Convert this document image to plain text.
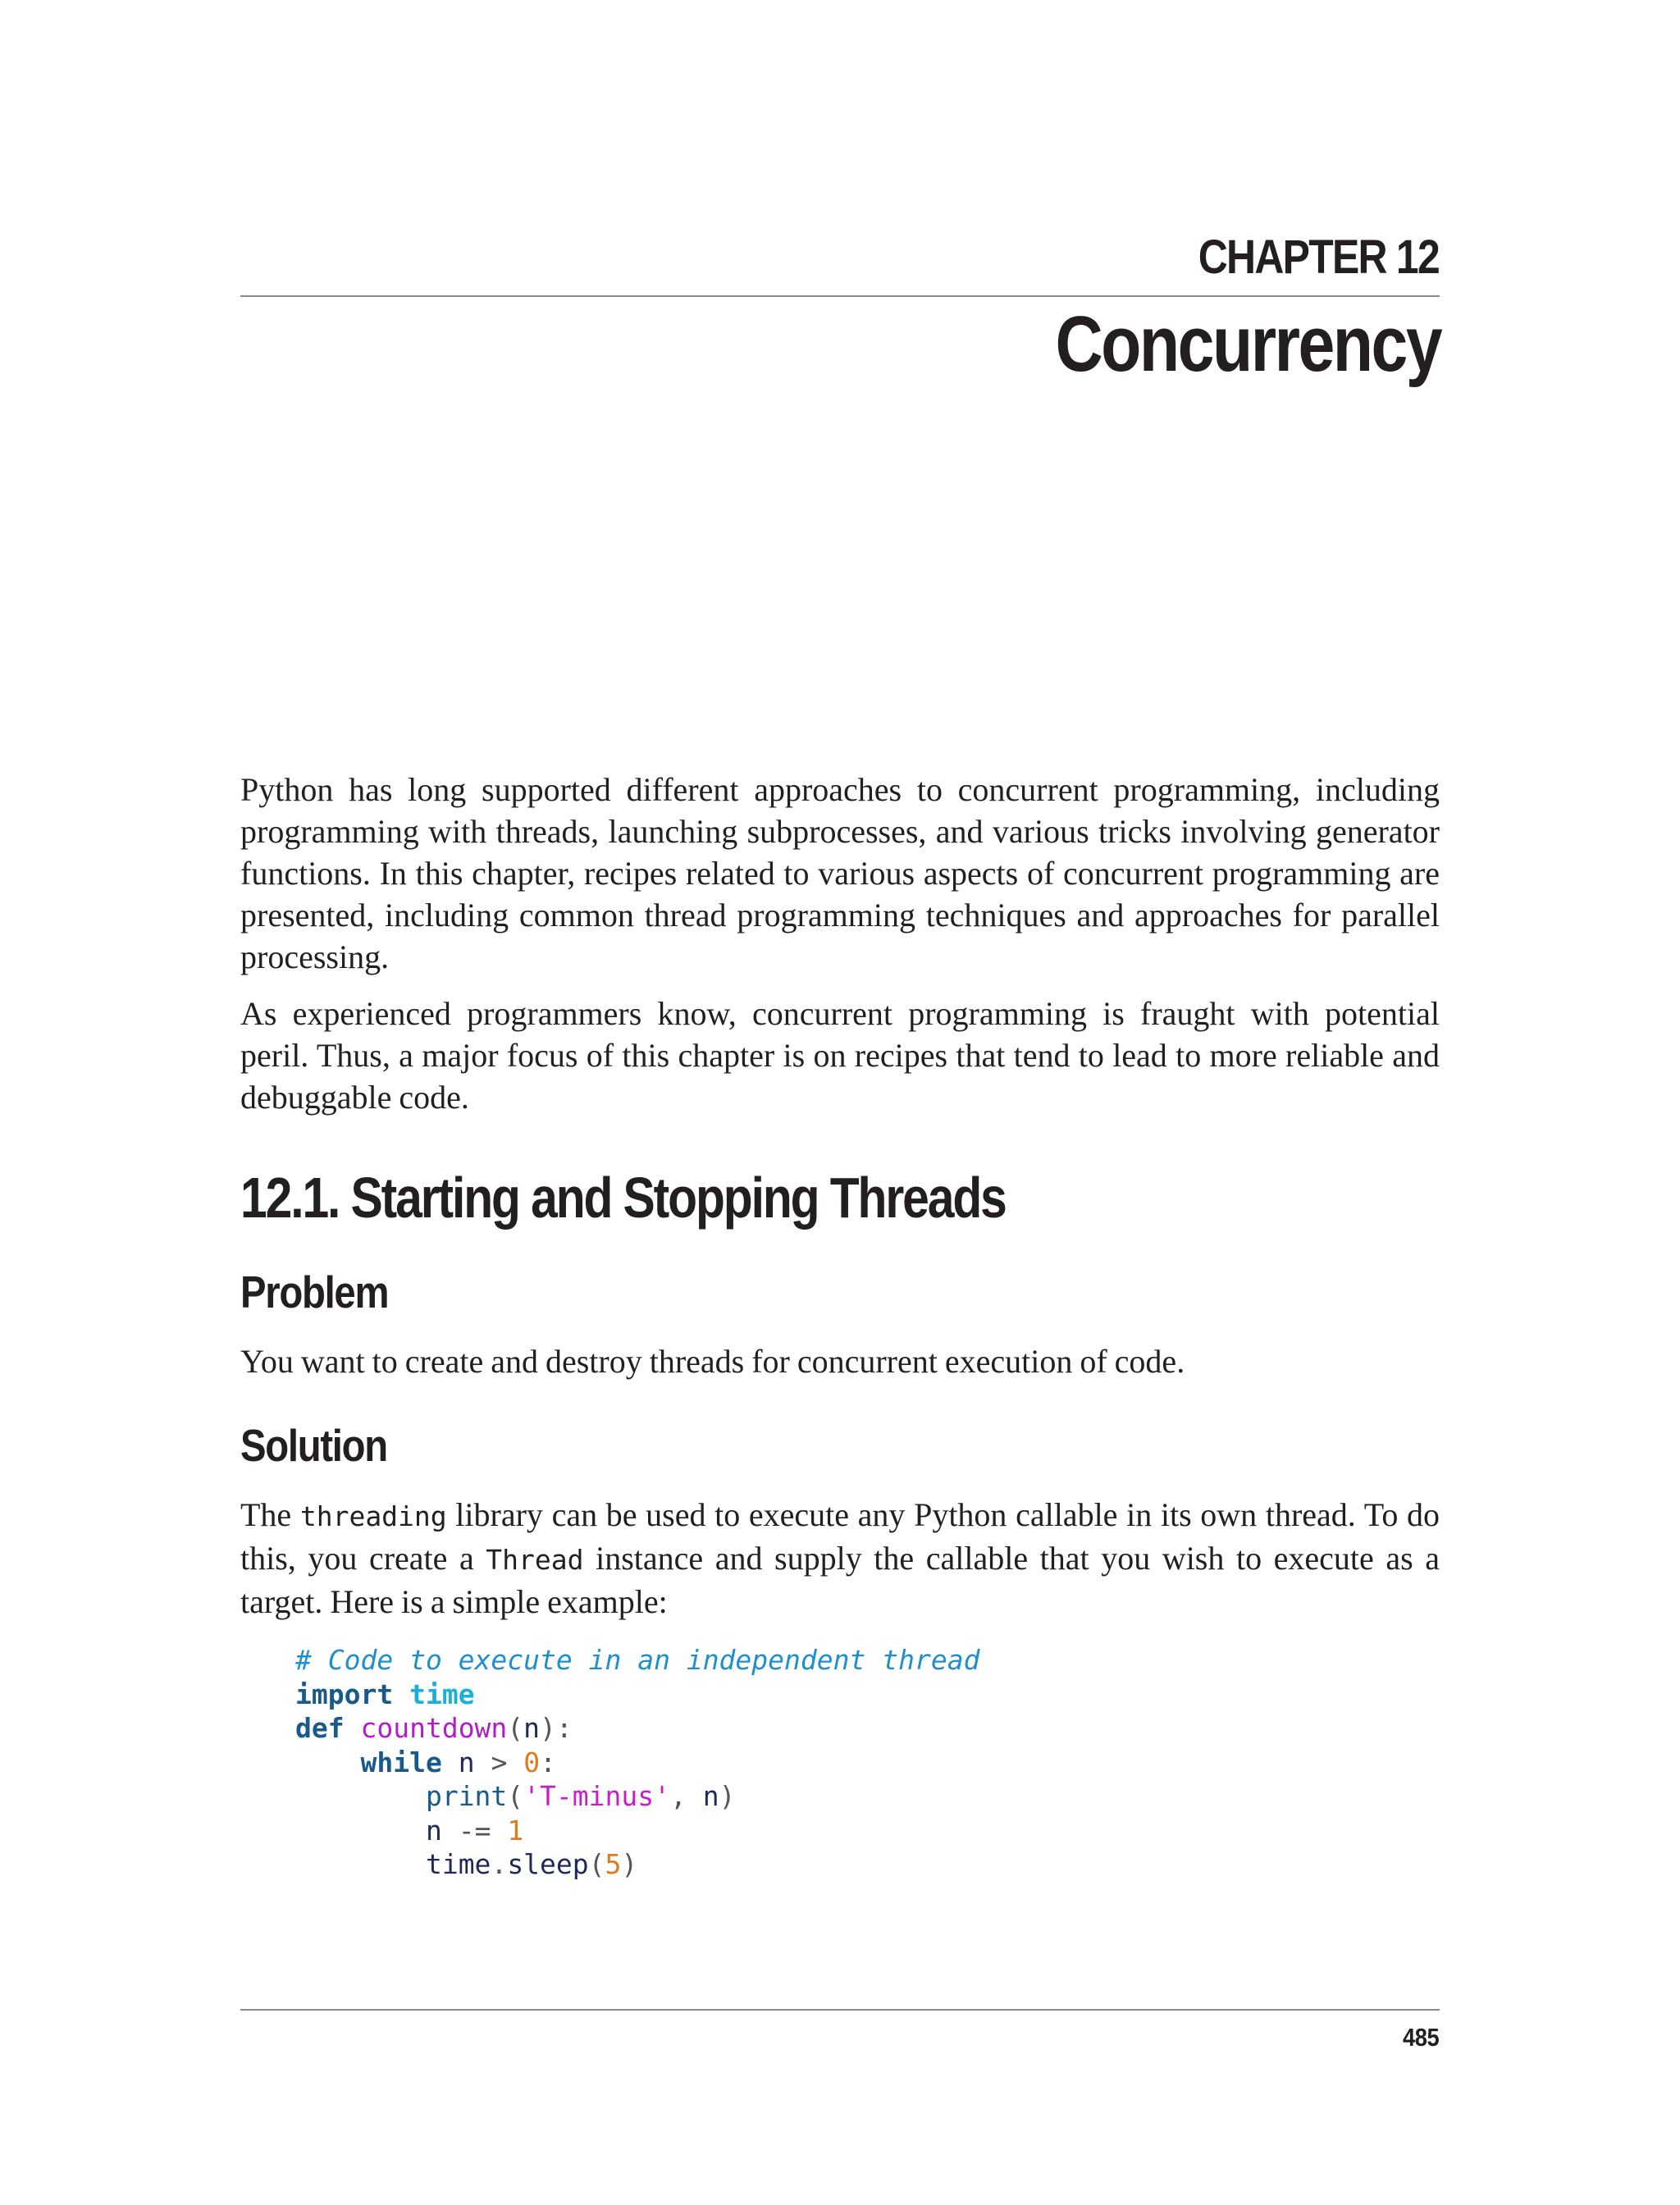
CHAPTER 12
Concurrency

Python has long supported different approaches to concurrent programming, including programming with threads, launching subprocesses, and various tricks involving generator functions. In this chapter, recipes related to various aspects of concurrent programming are presented, including common thread programming techniques and approaches for parallel processing.

As experienced programmers know, concurrent programming is fraught with potential peril. Thus, a major focus of this chapter is on recipes that tend to lead to more reliable and debuggable code.

12.1. Starting and Stopping Threads
Problem

You want to create and destroy threads for concurrent execution of code.

Solution

The threading library can be used to execute any Python callable in its own thread. To do this, you create a Thread instance and supply the callable that you wish to execute as a target. Here is a simple example:

# Code to execute in an independent thread
import time
def countdown(n):
while n > 0:
print('T-minus', n)
n -= 1
time.sleep(5)
485
